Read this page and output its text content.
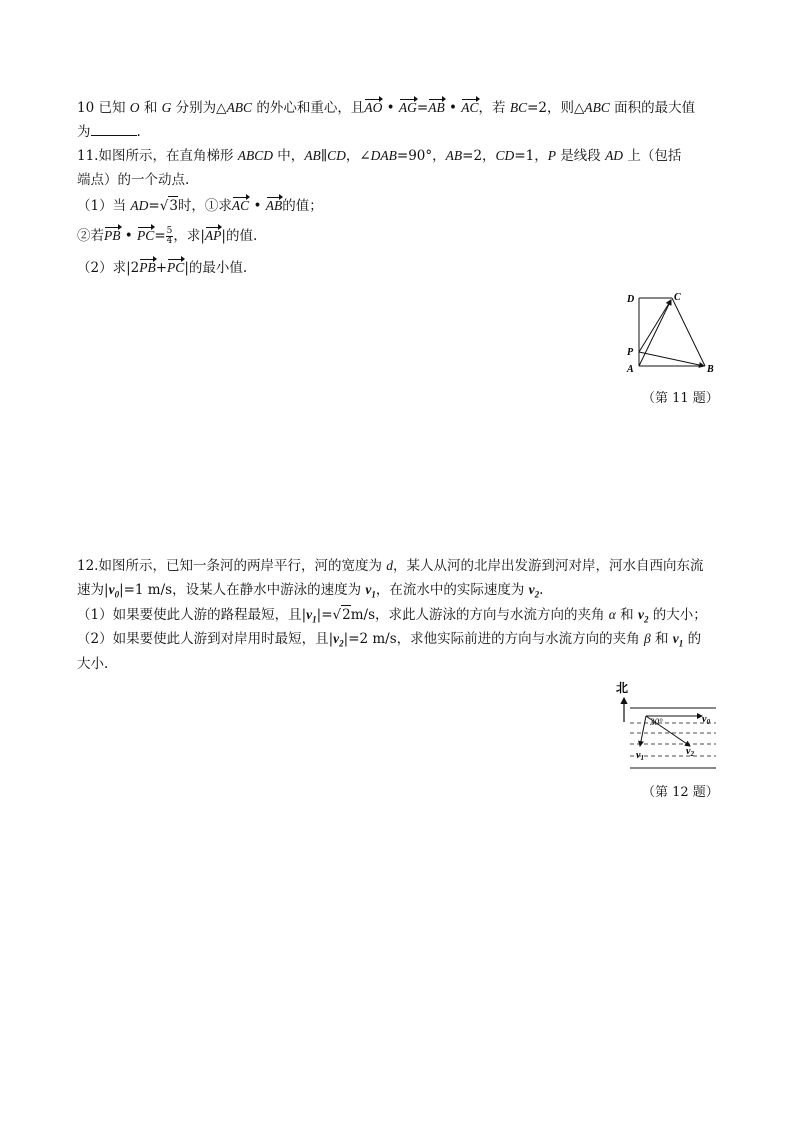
10 已知 O 和 G 分别为△ABC 的外心和重心，且AO • AG=AB • AC，若 BC=2，则△ABC 面积的最大值
为	.
11.如图所示，在直角梯形 ABCD 中，AB∥CD，∠DAB=90°，AB=2，CD=1，P 是线段 AD 上（包括
端点）的一个动点.
（1）当 AD=√3时，①求AC • AB的值；
②若PB • $PC= \frac{5}{4}$ ，求|AP|的值.
（2）求|2PB+PC|的最小值.
D	C
P
A	B
（第 11 题）
12.如图所示，已知一条河的两岸平行，河的宽度为 d，某人从河的北岸出发游到河对岸，河水自西向东流
速为$|v_0|=1$ m/s，设某人在静水中游泳的速度为 $v_1$，在流水中的实际速度为 $v_2$.
（1）如果要使此人游的路程最短，且$|v_1|=√2m/s$，求此人游泳的方向与水流方向的夹角 α 和 $v_2$ 的大小；
（2）如果要使此人游到对岸用时最短，且$|v_2|=2$ m/s，求他实际前进的方向与水流方向的夹角 β 和 $v_1$ 的
大小.
北
30°	$v_0$
$v_1$
$v_2$
（第 12 题）
